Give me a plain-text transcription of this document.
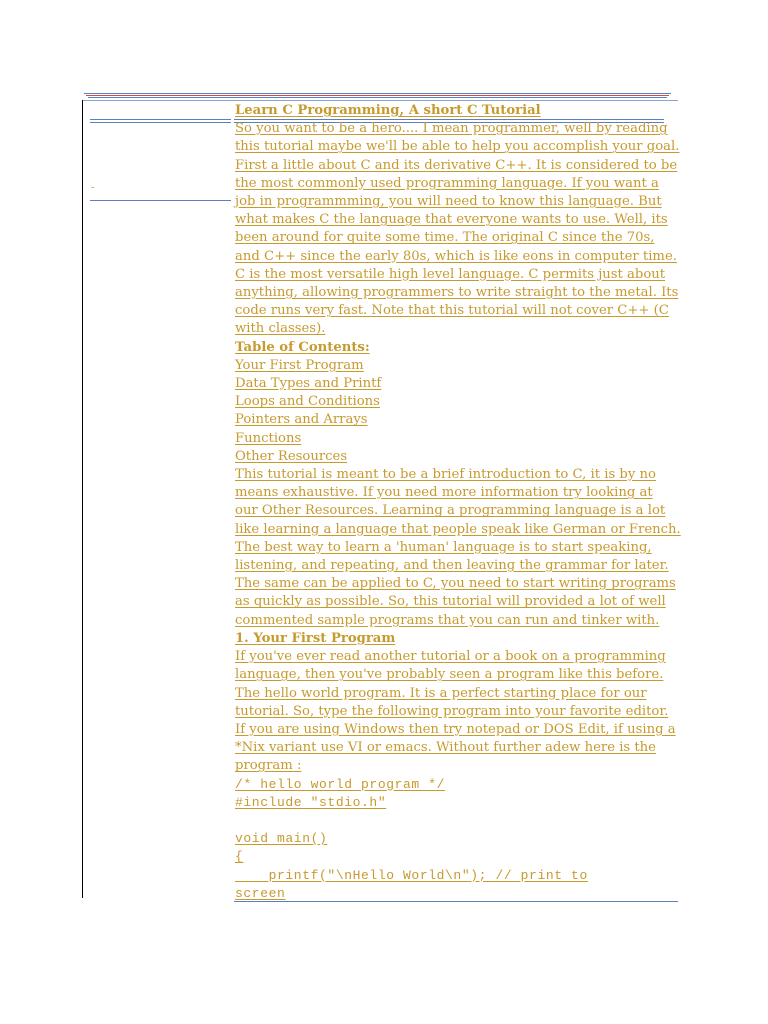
-
Learn C Programming, A short C Tutorial
So you want to be a hero.... I mean programmer, well by reading
this tutorial maybe we'll be able to help you accomplish your goal.
First a little about C and its derivative C++. It is considered to be
the most commonly used programming language. If you want a
job in programmming, you will need to know this language. But
what makes C the language that everyone wants to use. Well, its
been around for quite some time. The original C since the 70s,
and C++ since the early 80s, which is like eons in computer time.
C is the most versatile high level language. C permits just about
anything, allowing programmers to write straight to the metal. Its
code runs very fast. Note that this tutorial will not cover C++ (C
with classes).
Table of Contents:
Your First Program
Data Types and Printf
Loops and Conditions
Pointers and Arrays
Functions
Other Resources
This tutorial is meant to be a brief introduction to C, it is by no
means exhaustive. If you need more information try looking at
our Other Resources. Learning a programming language is a lot
like learning a language that people speak like German or French.
The best way to learn a 'human' language is to start speaking,
listening, and repeating, and then leaving the grammar for later.
The same can be applied to C, you need to start writing programs
as quickly as possible. So, this tutorial will provided a lot of well
commented sample programs that you can run and tinker with.
1. Your First Program
If you've ever read another tutorial or a book on a programming
language, then you've probably seen a program like this before.
The hello world program. It is a perfect starting place for our
tutorial. So, type the following program into your favorite editor.
If you are using Windows then try notepad or DOS Edit, if using a
*Nix variant use VI or emacs. Without further adew here is the
program :
/* hello world program */
#include "stdio.h"
void main()
{
printf("\nHello World\n"); // print to
screen
